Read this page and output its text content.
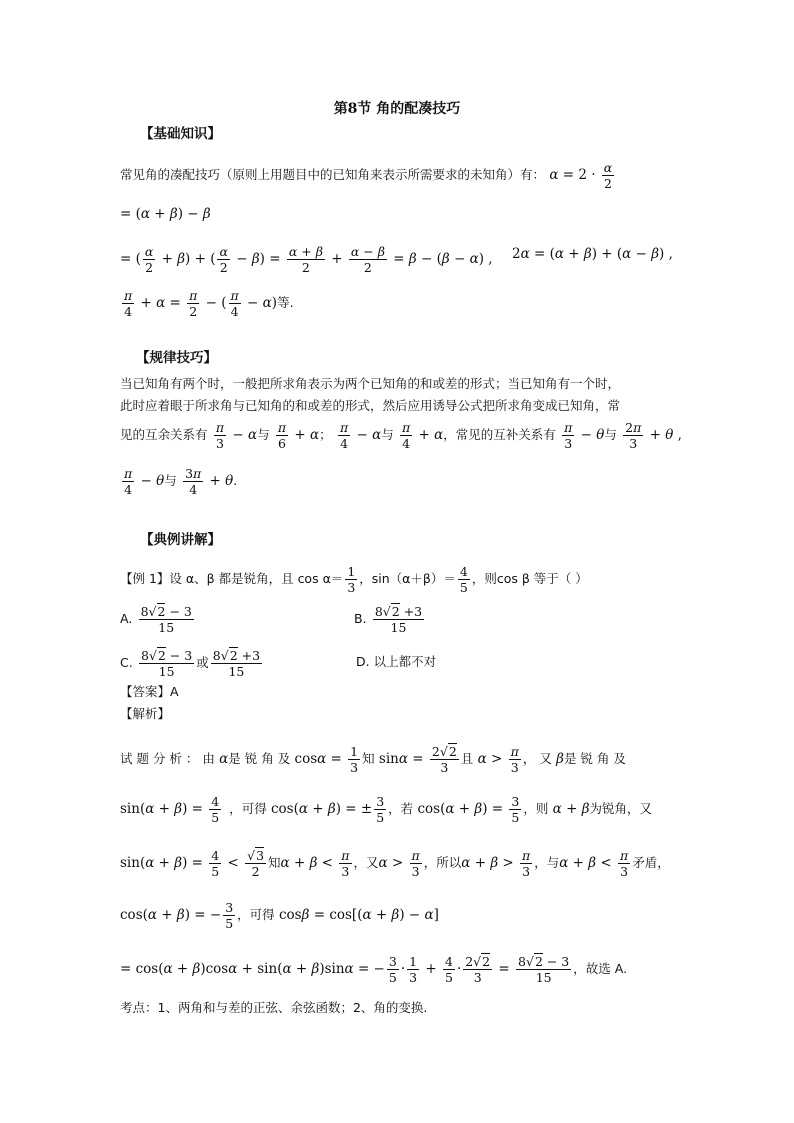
第8节 角的配凑技巧
【基础知识】
常见角的凑配技巧（原则上用题目中的已知角来表示所需要求的未知角）有： $\alpha = 2 \cdot \frac{\alpha}{2}$
= (α + β) − β
= ( $\frac{\alpha}{2} + \beta$) + ( $\frac{\alpha}{2} - \beta) = \frac{\alpha + \beta}{2} + \frac{\alpha - \beta}{2} = \beta - (\beta - \alpha)$ , 2α = (α + β) + (α − β) ,
$\frac{\pi}{4} + \alpha = \frac{\pi}{2}$ − ( $\frac{\pi}{4} - \alpha$)等.
【规律技巧】
当已知角有两个时，一般把所求角表示为两个已知角的和或差的形式；当已知角有一个时，
此时应着眼于所求角与已知角的和或差的形式，然后应用诱导公式把所求角变成已知角，常
见的互余关系有 $\frac{\pi}{3} - \alpha$与 $\frac{\pi}{6} + \alpha$； $\frac{\pi}{4} - \alpha$与 $\frac{\pi}{4} + \alpha$，常见的互补关系有 $\frac{\pi}{3} - \theta$与 $\frac{2\pi}{3} + \theta$ ,
$\frac{\pi}{4} - \theta$与 $\frac{3\pi}{4} + \theta$.
【典例讲解】
【例 1】设 α、β 都是锐角，且 $\cos \alpha= \frac{1}{3}$ ，$\sin(\alpha+\beta)= \frac{4}{5}$ ，则cos β 等于（ ）
A. $\frac{8√2 - 3}{15}$	B. $\frac{8√2 +3}{15}$
C. $\frac{8√2 - 3}{15}$ 或 $\frac{8√2 +3}{15}$	D. 以上都不对
【答案】A
【解析】
试 题 分 析 ： 由 α是 锐 角 及 $\cos\alpha = \frac{1}{3}$ 知 $\sin\alpha = \frac{2√2}{3}$ 且 $\alpha > \frac{\pi}{3}$ ， 又 β是 锐 角 及
$\sin(\alpha + \beta) = \frac{4}{5}$ ，可得 cos(α + β) = ± $\frac{3}{5}$ ，若 $\cos(\alpha + \beta) = \frac{3}{5}$ ，则 α + β为锐角，又
$\sin(\alpha + \beta) = \frac{4}{5} < \frac{√3}{2}$ 知$\alpha + \beta < \frac{\pi}{3}$ ，又$\alpha > \frac{\pi}{3}$ ，所以$\alpha + \beta > \frac{\pi}{3}$ ，与$\alpha + \beta < \frac{\pi}{3}$ 矛盾，
cos(α + β) = − $\frac{3}{5}$ ，可得 cosβ = cos[(α + β) − α]
= cos(α + β)cosα + sin(α + β)sinα = − $\frac{3}{5} \cdot \frac{1}{3} + \frac{4}{5} \cdot \frac{2√2}{3} = \frac{8√2 - 3}{15}$ ，故选 A.
考点：1、两角和与差的正弦、余弦函数；2、角的变换.
